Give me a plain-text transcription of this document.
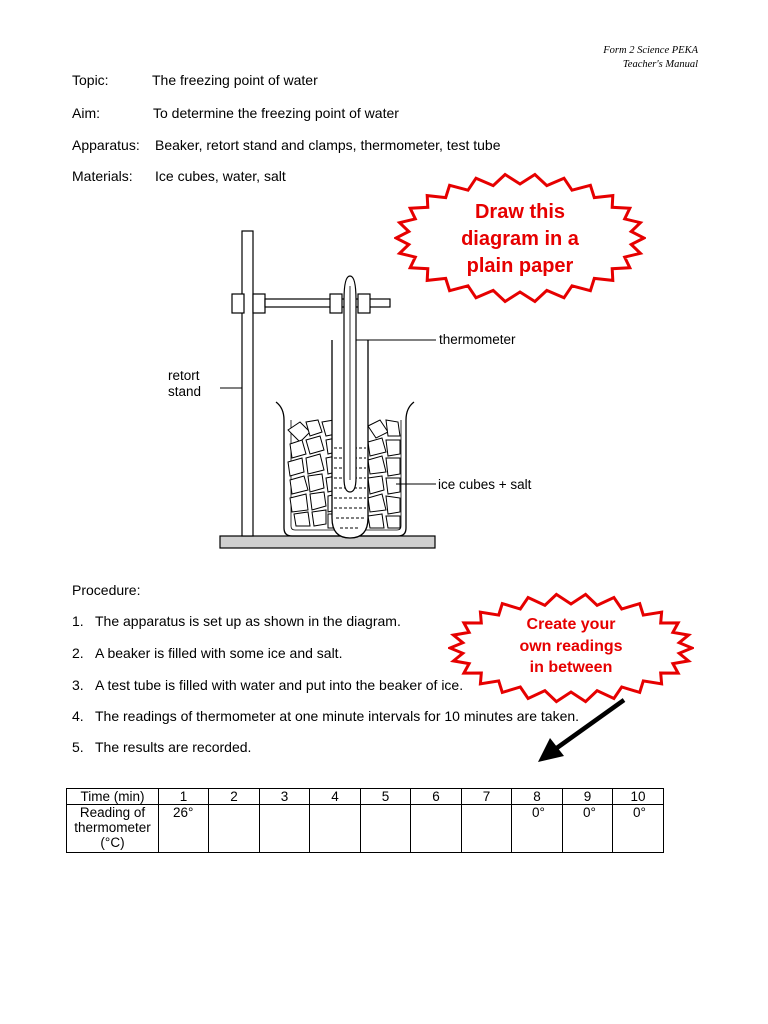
Form 2 Science PEKA
Teacher's Manual
Topic:	The freezing point of water
Aim:	To determine the freezing point of water
Apparatus: Beaker, retort stand and clamps, thermometer, test tube
Materials: Ice cubes, water, salt
thermometer
retort
stand
ice cubes + salt
Draw this
diagram in a
plain paper
Create your
own readings
in between
Procedure:
1. The apparatus is set up as shown in the diagram.
2. A beaker is filled with some ice and salt.
3. A test tube is filled with water and put into the beaker of ice.
4. The readings of thermometer at one minute intervals for 10 minutes are taken.
5. The results are recorded.
Time (min)	1	2	3	4	5	6	7	8	9	10

Reading of
thermometer
(°C)	26°							0°	0°	0°
